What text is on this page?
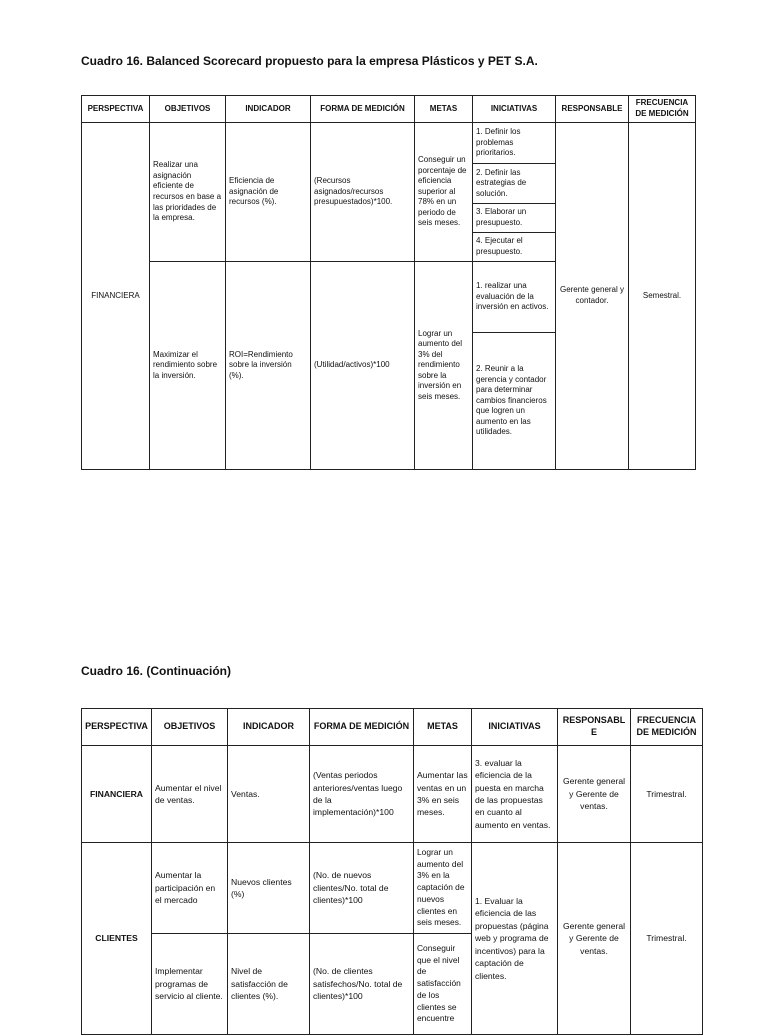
Cuadro 16. Balanced Scorecard propuesto para la empresa Plásticos y PET S.A.
PERSPECTIVA	OBJETIVOS	INDICADOR	FORMA DE MEDICIÓN	METAS	INICIATIVAS	RESPONSABLE	FRECUENCIA DE MEDICIÓN
FINANCIERA	Realizar una asignación eficiente de recursos en base a las prioridades de la empresa.	Eficiencia de asignación de recursos (%).	(Recursos asignados/recursos presupuestados)*100.	Conseguir un porcentaje de eficiencia superior al 78% en un periodo de seis meses.	1. Definir los problemas prioritarios.	Gerente general y contador.	Semestral.
					2. Definir las estrategias de solución.		
					3. Elaborar un presupuesto.		
					4. Ejecutar el presupuesto.		
	Maximizar el rendimiento sobre la inversión.	ROI=Rendimiento sobre la inversión (%).	(Utilidad/activos)*100	Lograr un aumento del 3% del rendimiento sobre la inversión en seis meses.	1. realizar una evaluación de la inversión en activos.		
					2. Reunir a la gerencia y contador para determinar cambios financieros que logren un aumento en las utilidades.		
Cuadro 16. (Continuación)
PERSPECTIVA	OBJETIVOS	INDICADOR	FORMA DE MEDICIÓN	METAS	INICIATIVAS	RESPONSABLE	FRECUENCIA DE MEDICIÓN
FINANCIERA	Aumentar el nivel de ventas.	Ventas.	(Ventas periodos anteriores/ventas luego de la implementación)*100	Aumentar las ventas en un 3% en seis meses.	3. evaluar la eficiencia de la puesta en marcha de las propuestas en cuanto al aumento en ventas.	Gerente general y Gerente de ventas.	Trimestral.
CLIENTES	Aumentar la participación en el mercado	Nuevos clientes (%)	(No. de nuevos clientes/No. total de clientes)*100	Lograr un aumento del 3% en la captación de nuevos clientes en seis meses.	1. Evaluar la eficiencia de las propuestas (página web y programa de incentivos) para la captación de clientes.	Gerente general y Gerente de ventas.	Trimestral.
	Implementar programas de servicio al cliente.	Nivel de satisfacción de clientes (%).	(No. de clientes satisfechos/No. total de clientes)*100	Conseguir que el nivel de satisfacción de los clientes se encuentre			
